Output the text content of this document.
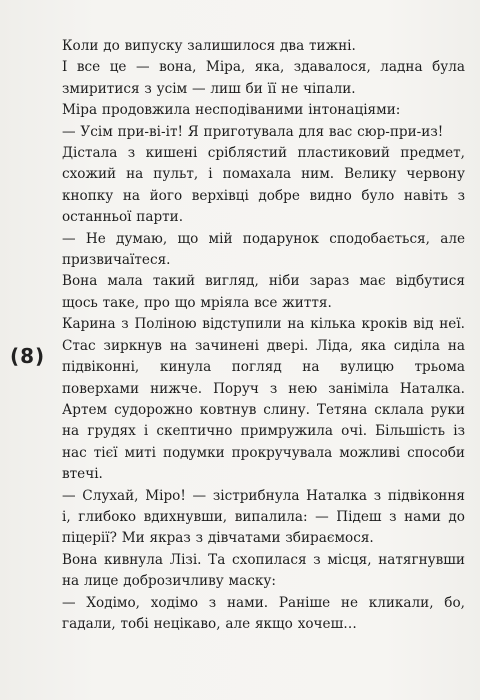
(8)

Коли до випуску залишилося два тижні.

І все це — вона, Міра, яка, здавалося, ладна була змиритися з усім — лиш би її не чіпали.

Міра продовжила несподіваними інтонаціями:

— Усім при-ві-іт! Я приготувала для вас сюр-при-из!

Дістала з кишені сріблястий пластиковий предмет, схожий на пульт, і помахала ним. Велику червону кнопку на його верхівці добре видно було навіть з останньої парти.

— Не думаю, що мій подарунок сподобається, але призвичаїтеся.

Вона мала такий вигляд, ніби зараз має відбутися щось таке, про що мріяла все життя.

Карина з Поліною відступили на кілька кроків від неї. Стас зиркнув на зачинені двері. Ліда, яка сиділа на підвіконні, кинула погляд на вулицю трьома поверхами нижче. Поруч з нею заніміла Наталка. Артем судорожно ковтнув слину. Тетяна склала руки на грудях і скептично примружила очі. Більшість із нас тієї миті подумки прокручувала можливі способи втечі.

— Слухай, Міро! — зістрибнула Наталка з підвіконня і, глибоко вдихнувши, випалила: — Підеш з нами до піцерії? Ми якраз з дівчатами збираємося.

Вона кивнула Лізі. Та схопилася з місця, натягнувши на лице доброзичливу маску:

— Ходімо, ходімо з нами. Раніше не кликали, бо, гадали, тобі нецікаво, але якщо хочеш…
